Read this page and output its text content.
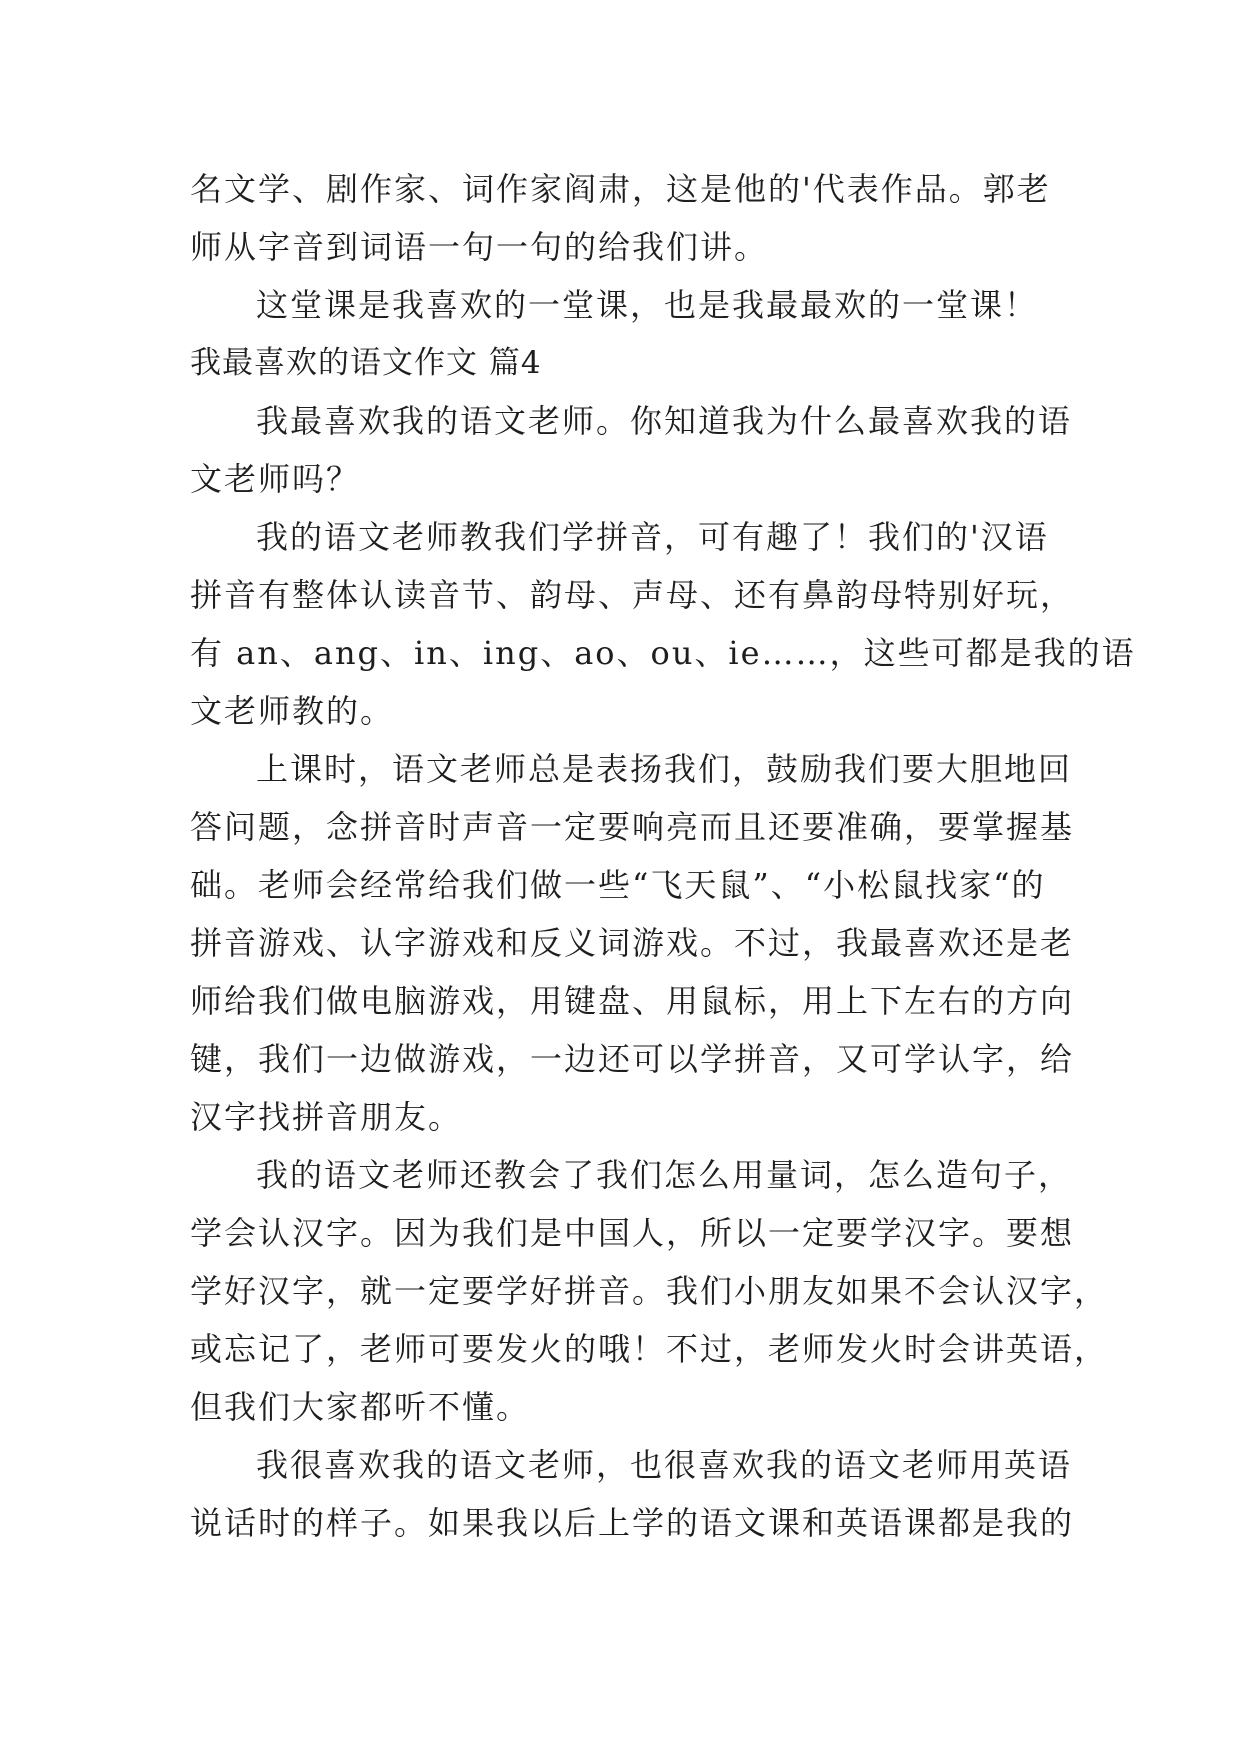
名文学、剧作家、词作家阎肃，这是他的'代表作品。郭老
师从字音到词语一句一句的给我们讲。
这堂课是我喜欢的一堂课，也是我最最欢的一堂课！
我最喜欢的语文作文 篇4
我最喜欢我的语文老师。你知道我为什么最喜欢我的语
文老师吗？
我的语文老师教我们学拼音，可有趣了！我们的'汉语
拼音有整体认读音节、韵母、声母、还有鼻韵母特别好玩，
有 an、ang、in、ing、ao、ou、ie……，这些可都是我的语
文老师教的。
上课时，语文老师总是表扬我们，鼓励我们要大胆地回
答问题，念拼音时声音一定要响亮而且还要准确，要掌握基
础。老师会经常给我们做一些“飞天鼠”、“小松鼠找家“的
拼音游戏、认字游戏和反义词游戏。不过，我最喜欢还是老
师给我们做电脑游戏，用键盘、用鼠标，用上下左右的方向
键，我们一边做游戏，一边还可以学拼音，又可学认字，给
汉字找拼音朋友。
我的语文老师还教会了我们怎么用量词，怎么造句子，
学会认汉字。因为我们是中国人，所以一定要学汉字。要想
学好汉字，就一定要学好拼音。我们小朋友如果不会认汉字，
或忘记了，老师可要发火的哦！不过，老师发火时会讲英语，
但我们大家都听不懂。
我很喜欢我的语文老师，也很喜欢我的语文老师用英语
说话时的样子。如果我以后上学的语文课和英语课都是我的
